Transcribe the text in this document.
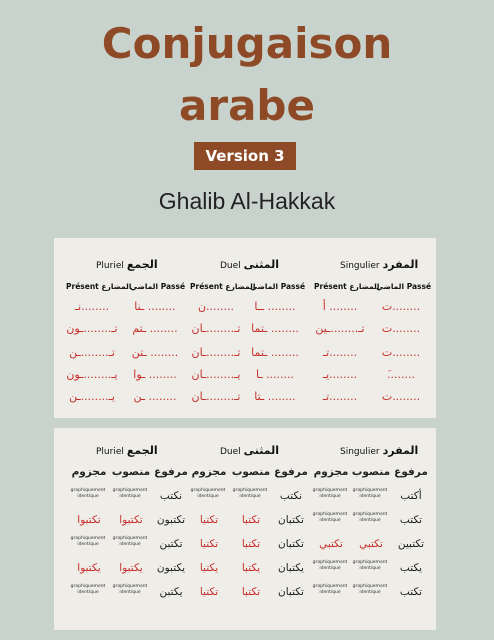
Conjugaison
arabe
Version 3
Ghalib Al-Hakkak
Singulier المفرد
Duel المثنى
Pluriel الجمع
الماضي Passé
Présent المضارع
الماضي Passé
Présent المضارع
الماضي Passé
Présent المضارع
ت........
أ ........
ــا ........
ن........
ـنا ........
نـ........
ت........
تـ........ـين
ـتما ........
تـ........ـان
ـتم ........
تـ........ـون
ت........
تـ........
ـتما ........
تـ........ـان
ـتن ........
تـ........ـن
َ........
يـ........
ـا ........
يـ........ـان
ـوا ........
يـ........ـون
ت........
تـ........
ـتا ........
تـ........ـان
ـن ........
يـ........ـن
Singulier المفرد
Duel المثنى
Pluriel الجمع
مرفوع
منصوب
مجزوم
مرفوع
منصوب
مجزوم
مرفوع
منصوب
مجزوم
أكتب
graphiquement identique
graphiquement identique
نكتب
graphiquement identique
graphiquement identique
نكتب
graphiquement identique
graphiquement identique
تكتب
graphiquement identique
graphiquement identique
تكتبان
تكتبا
تكتبا
تكتبون
تكتبوا
تكتبوا
تكتبين
تكتبي
تكتبي
تكتبان
تكتبا
تكتبا
تكتبن
graphiquement identique
graphiquement identique
يكتب
graphiquement identique
graphiquement identique
يكتبان
يكتبا
يكتبا
يكتبون
يكتبوا
يكتبوا
تكتب
graphiquement identique
graphiquement identique
تكتبان
تكتبا
تكتبا
يكتبن
graphiquement identique
graphiquement identique
